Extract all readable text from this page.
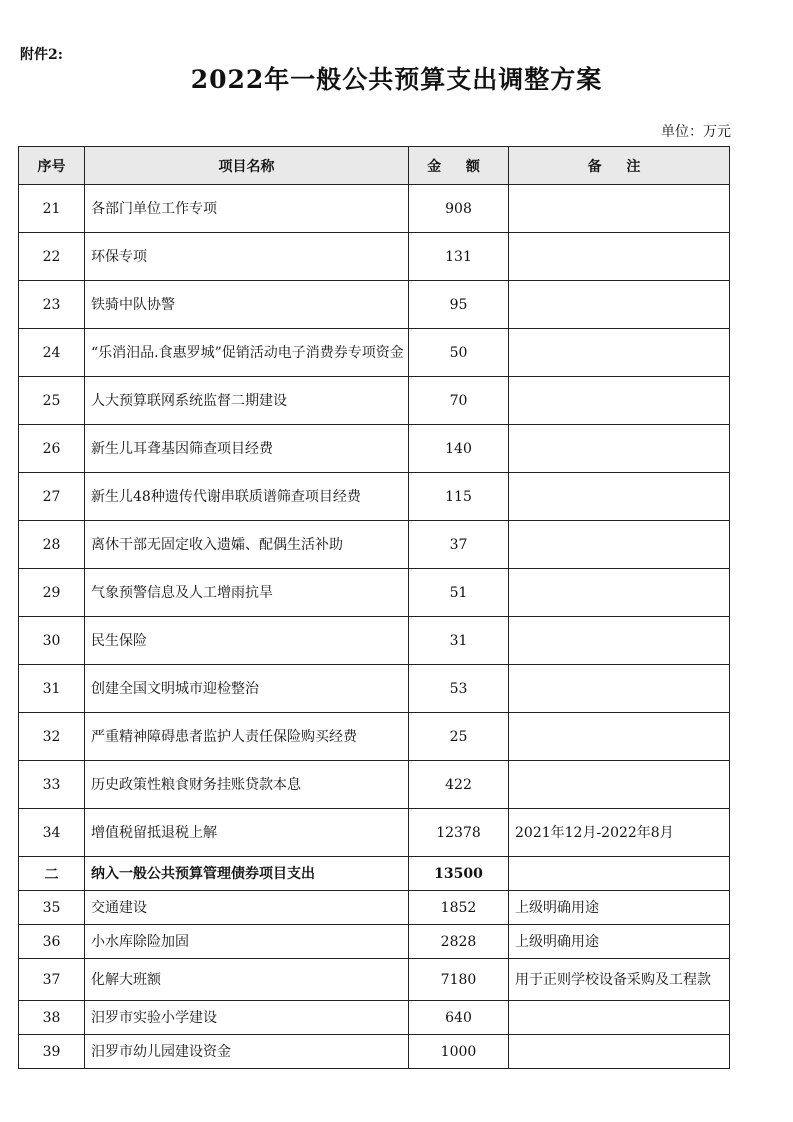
附件2:
2022年一般公共预算支出调整方案
单位：万元
序号	项目名称	金 额	备 注
21	各部门单位工作专项	908	
22	环保专项	131	
23	铁骑中队协警	95	
24	“乐消汨品.食惠罗城”促销活动电子消费券专项资金	50	
25	人大预算联网系统监督二期建设	70	
26	新生儿耳聋基因筛查项目经费	140	
27	新生儿48种遗传代谢串联质谱筛查项目经费	115	
28	离休干部无固定收入遗孀、配偶生活补助	37	
29	气象预警信息及人工增雨抗旱	51	
30	民生保险	31	
31	创建全国文明城市迎检整治	53	
32	严重精神障碍患者监护人责任保险购买经费	25	
33	历史政策性粮食财务挂账贷款本息	422	
34	增值税留抵退税上解	12378	2021年12月-2022年8月
二	纳入一般公共预算管理债券项目支出	13500	
35	交通建设	1852	上级明确用途
36	小水库除险加固	2828	上级明确用途
37	化解大班额	7180	用于正则学校设备采购及工程款
38	汨罗市实验小学建设	640	
39	汨罗市幼儿园建设资金	1000	
